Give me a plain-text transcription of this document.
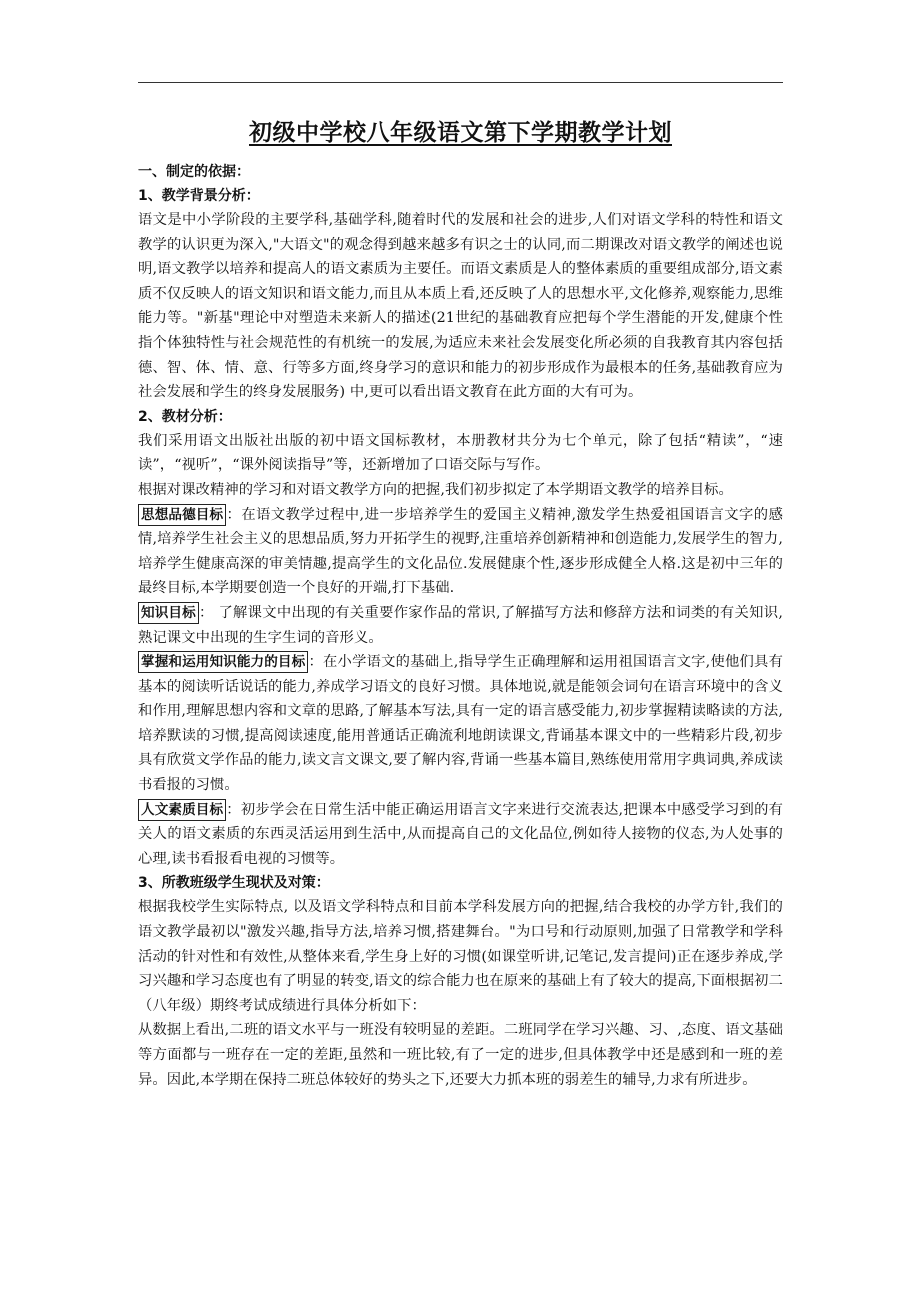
初级中学校八年级语文第下学期教学计划

一、制定的依据：

1、教学背景分析：

语文是中小学阶段的主要学科,基础学科,随着时代的发展和社会的进步,人们对语文学科的特性和语文教学的认识更为深入,"大语文"的观念得到越来越多有识之士的认同,而二期课改对语文教学的阐述也说明,语文教学以培养和提高人的语文素质为主要任。而语文素质是人的整体素质的重要组成部分,语文素质不仅反映人的语文知识和语文能力,而且从本质上看,还反映了人的思想水平,文化修养,观察能力,思维能力等。"新基"理论中对塑造未来新人的描述(21世纪的基础教育应把每个学生潜能的开发,健康个性指个体独特性与社会规范性的有机统一的发展,为适应未来社会发展变化所必须的自我教育其内容包括德、智、体、情、意、行等多方面,终身学习的意识和能力的初步形成作为最根本的任务,基础教育应为社会发展和学生的终身发展服务) 中,更可以看出语文教育在此方面的大有可为。

2、教材分析：

我们采用语文出版社出版的初中语文国标教材，本册教材共分为七个单元，除了包括“精读”，“速读”，“视听”，“课外阅读指导”等，还新增加了口语交际与写作。

根据对课改精神的学习和对语文教学方向的把握,我们初步拟定了本学期语文教学的培养目标。

思想品德目标 ：在语文教学过程中,进一步培养学生的爱国主义精神,激发学生热爱祖国语言文字的感情,培养学生社会主义的思想品质,努力开拓学生的视野,注重培养创新精神和创造能力,发展学生的智力,培养学生健康高深的审美情趣,提高学生的文化品位.发展健康个性,逐步形成健全人格.这是初中三年的最终目标,本学期要创造一个良好的开端,打下基础.

知识目标 ： 了解课文中出现的有关重要作家作品的常识,了解描写方法和修辞方法和词类的有关知识,熟记课文中出现的生字生词的音形义。

掌握和运用知识能力的目标 ：在小学语文的基础上,指导学生正确理解和运用祖国语言文字,使他们具有基本的阅读听话说话的能力,养成学习语文的良好习惯。具体地说,就是能领会词句在语言环境中的含义和作用,理解思想内容和文章的思路,了解基本写法,具有一定的语言感受能力,初步掌握精读略读的方法,培养默读的习惯,提高阅读速度,能用普通话正确流利地朗读课文,背诵基本课文中的一些精彩片段,初步具有欣赏文学作品的能力,读文言文课文,要了解内容,背诵一些基本篇目,熟练使用常用字典词典,养成读书看报的习惯。

人文素质目标 ：初步学会在日常生活中能正确运用语言文字来进行交流表达,把课本中感受学习到的有关人的语文素质的东西灵活运用到生活中,从而提高自己的文化品位,例如待人接物的仪态,为人处事的心理,读书看报看电视的习惯等。

3、所教班级学生现状及对策：

根据我校学生实际特点, 以及语文学科特点和目前本学科发展方向的把握,结合我校的办学方针,我们的语文教学最初以"激发兴趣,指导方法,培养习惯,搭建舞台。"为口号和行动原则,加强了日常教学和学科活动的针对性和有效性,从整体来看,学生身上好的习惯(如课堂听讲,记笔记,发言提问)正在逐步养成,学习兴趣和学习态度也有了明显的转变,语文的综合能力也在原来的基础上有了较大的提高,下面根据初二（八年级）期终考试成绩进行具体分析如下：

从数据上看出,二班的语文水平与一班没有较明显的差距。二班同学在学习兴趣、习、,态度、语文基础等方面都与一班存在一定的差距,虽然和一班比较,有了一定的进步,但具体教学中还是感到和一班的差异。因此,本学期在保持二班总体较好的势头之下,还要大力抓本班的弱差生的辅导,力求有所进步。
